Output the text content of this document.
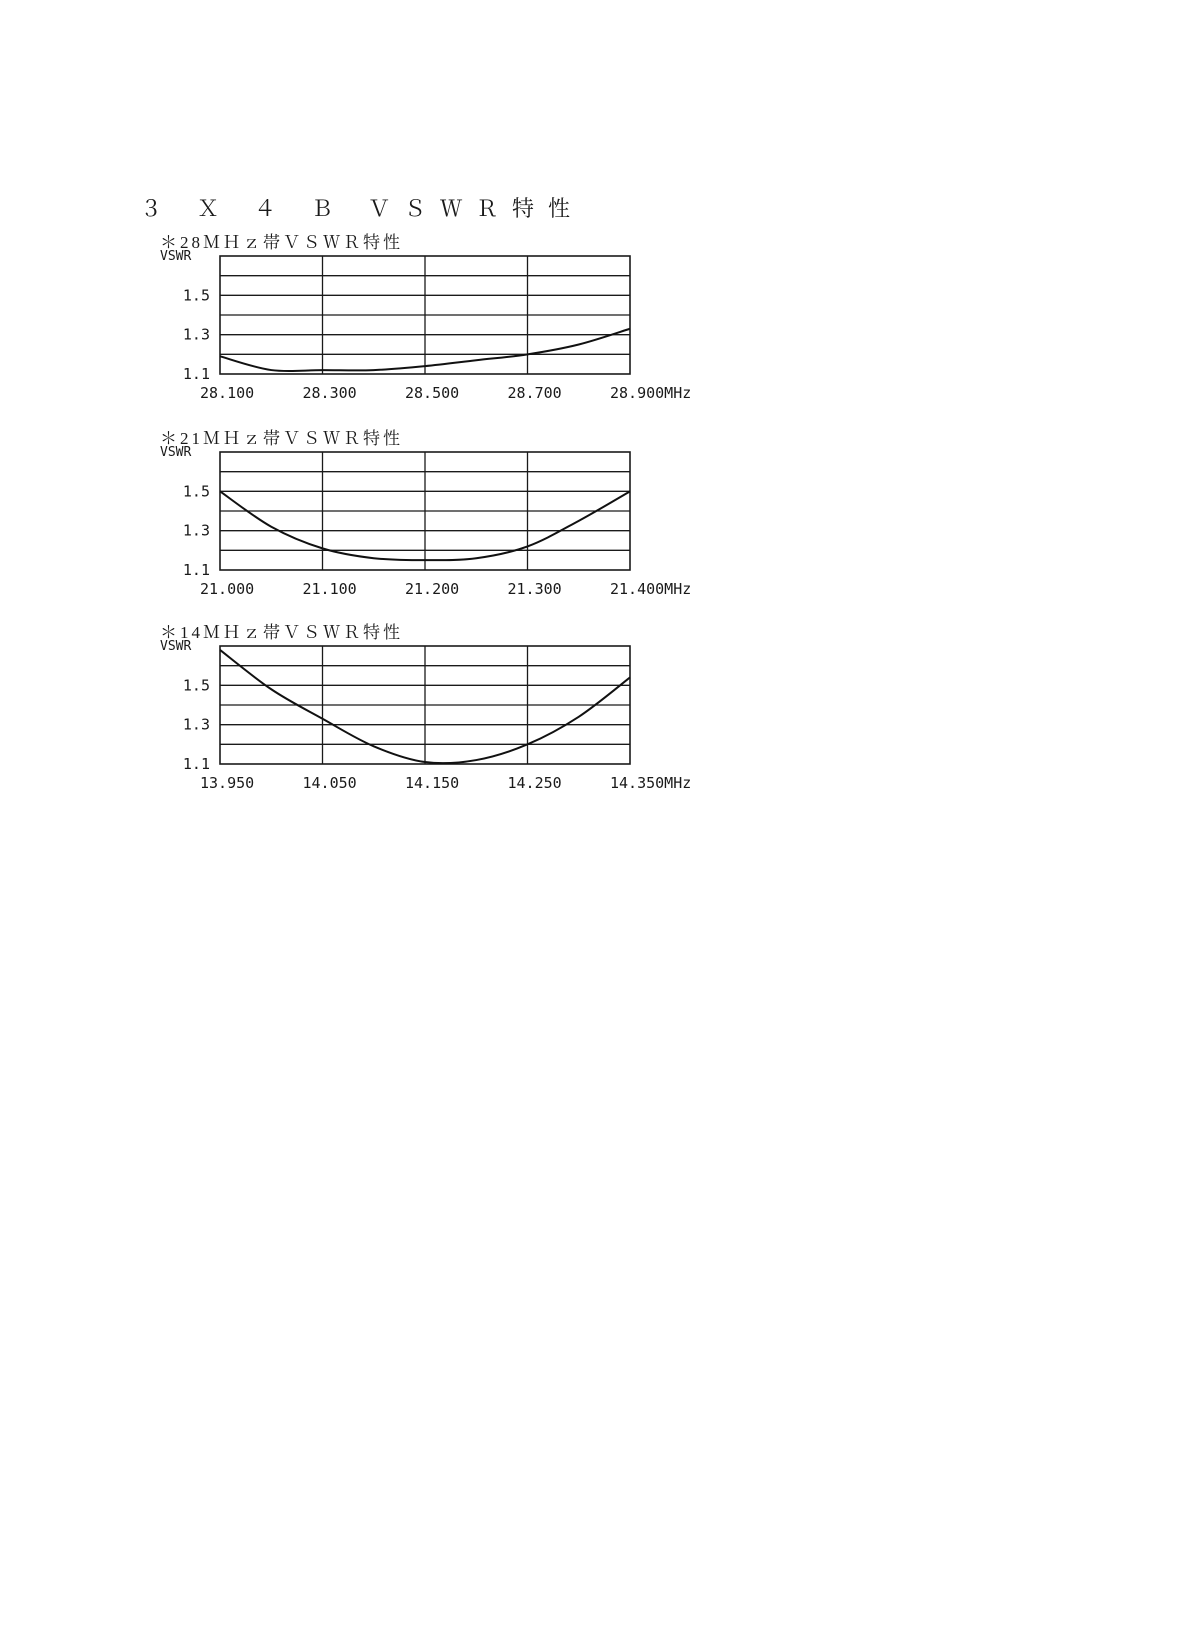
３ Ｘ ４ Ｂ ＶＳＷＲ特性
＊28ＭＨｚ帯ＶＳＷＲ特性
VSWR
1.1
1.3
1.5
28.100	28.300	28.500	28.700	28.900MHz
＊21ＭＨｚ帯ＶＳＷＲ特性
VSWR
1.1
1.3
1.5
21.000	21.100	21.200	21.300	21.400MHz
＊14ＭＨｚ帯ＶＳＷＲ特性
VSWR
1.1
1.3
1.5
13.950	14.050	14.150	14.250	14.350MHz
